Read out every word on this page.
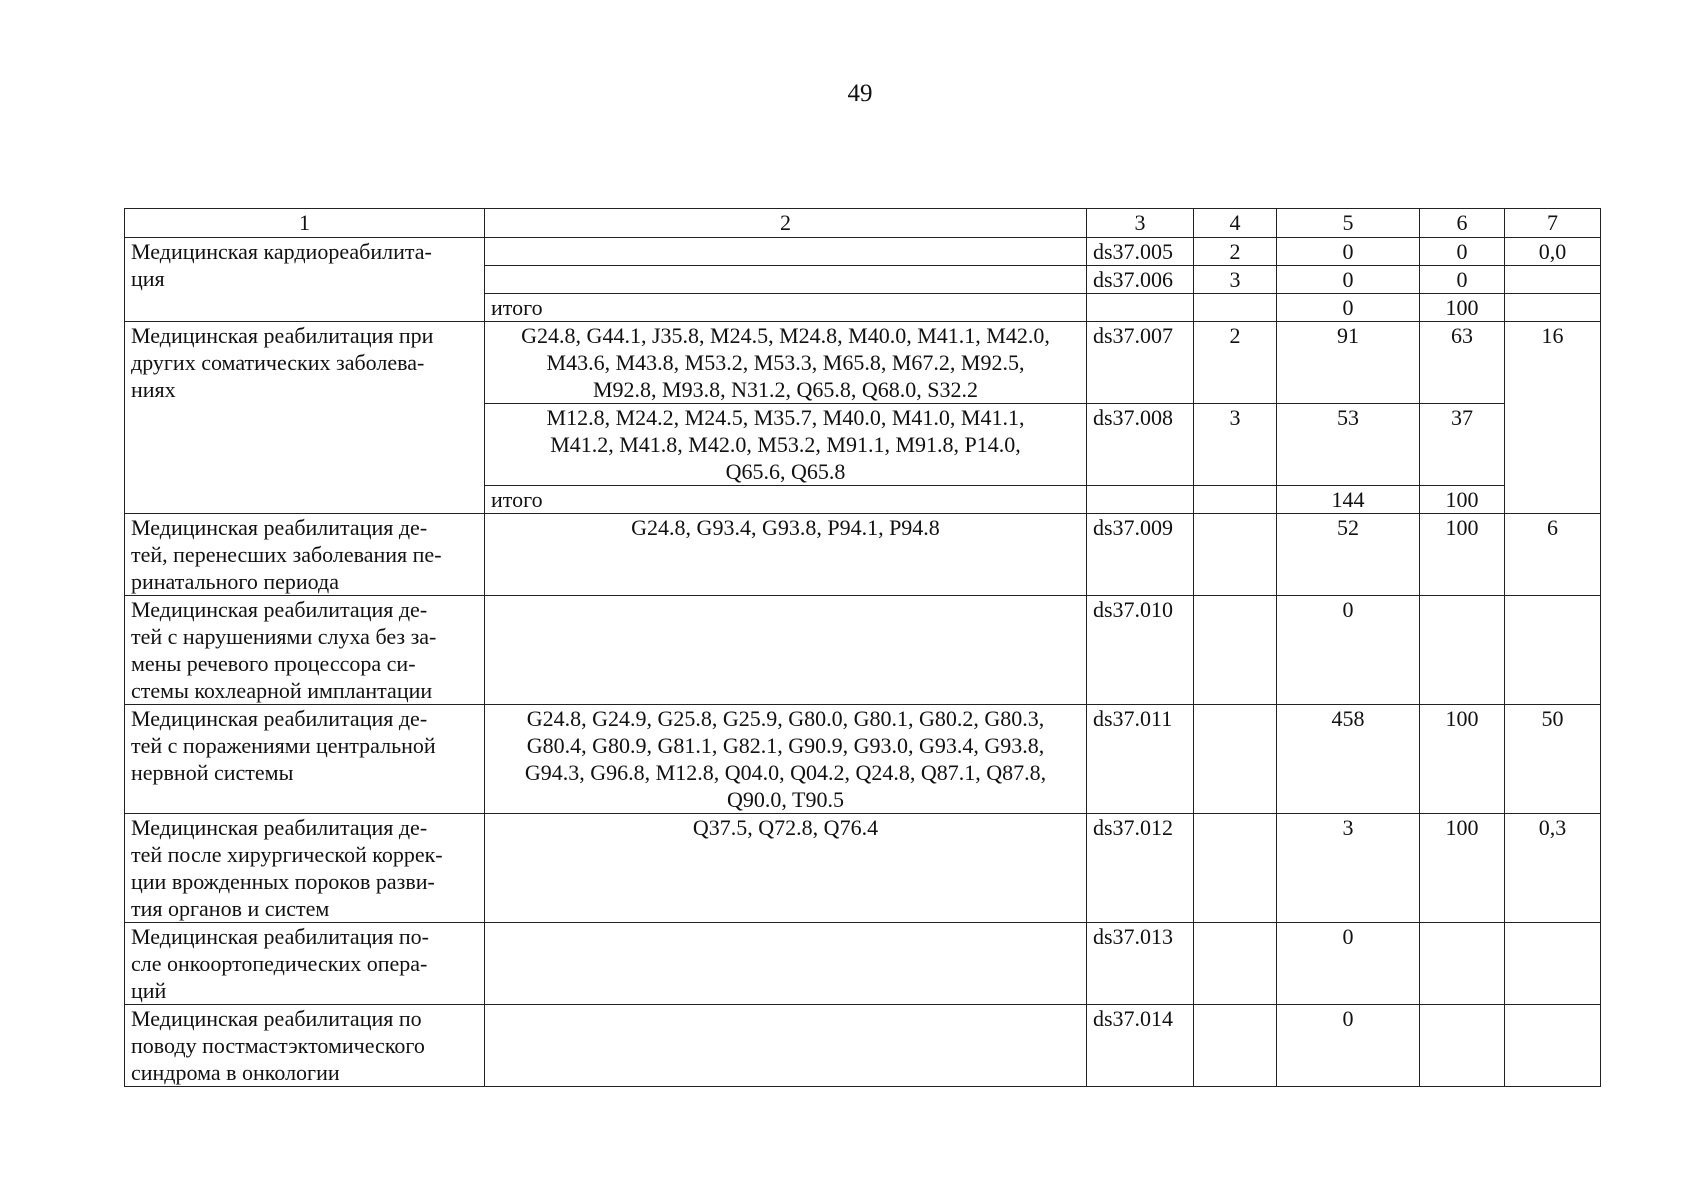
49
1	2	3	4	5	6	7
Медицинская кардиореабилита-
ция		ds37.005	2	0	0	0,0
		ds37.006	3	0	0	
	итого			0	100	
Медицинская реабилитация при
других соматических заболева-
ниях	G24.8, G44.1, J35.8, M24.5, M24.8, M40.0, M41.1, M42.0,
M43.6, M43.8, M53.2, M53.3, M65.8, M67.2, M92.5,
M92.8, M93.8, N31.2, Q65.8, Q68.0, S32.2	ds37.007	2	91	63	16
	M12.8, M24.2, M24.5, M35.7, M40.0, M41.0, M41.1,
M41.2, M41.8, M42.0, M53.2, M91.1, M91.8, P14.0,
Q65.6, Q65.8	ds37.008	3	53	37	
	итого			144	100	
Медицинская реабилитация де-
тей, перенесших заболевания пе-
ринатального периода	G24.8, G93.4, G93.8, P94.1, P94.8	ds37.009		52	100	6
Медицинская реабилитация де-
тей с нарушениями слуха без за-
мены речевого процессора си-
стемы кохлеарной имплантации		ds37.010		0		
Медицинская реабилитация де-
тей с поражениями центральной
нервной системы	G24.8, G24.9, G25.8, G25.9, G80.0, G80.1, G80.2, G80.3,
G80.4, G80.9, G81.1, G82.1, G90.9, G93.0, G93.4, G93.8,
G94.3, G96.8, M12.8, Q04.0, Q04.2, Q24.8, Q87.1, Q87.8,
Q90.0, T90.5	ds37.011		458	100	50
Медицинская реабилитация де-
тей после хирургической коррек-
ции врожденных пороков разви-
тия органов и систем	Q37.5, Q72.8, Q76.4	ds37.012		3	100	0,3
Медицинская реабилитация по-
сле онкоортопедических опера-
ций		ds37.013		0		
Медицинская реабилитация по
поводу постмастэктомического
синдрома в онкологии		ds37.014		0		
